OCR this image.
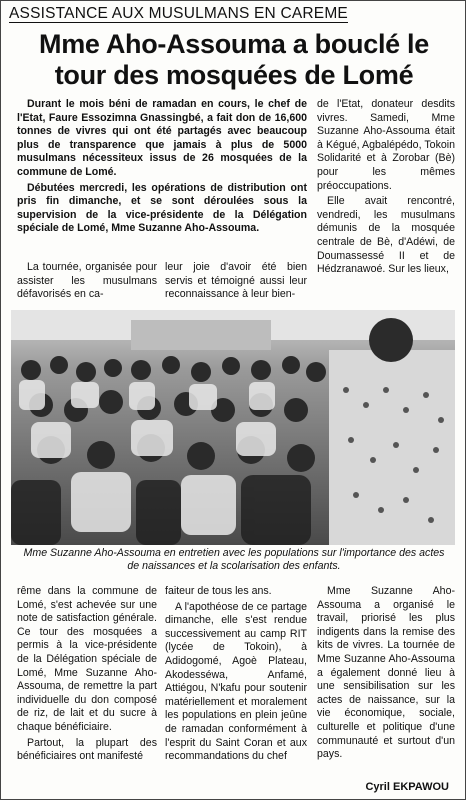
ASSISTANCE AUX MUSULMANS EN CAREME
Mme Aho-Assouma a bouclé le
tour des mosquées de Lomé

Durant le mois béni de ramadan en cours, le chef de l'Etat, Faure Essozimna Gnassingbé, a fait don de 16,600 tonnes de vivres qui ont été partagés avec beaucoup plus de transparence que jamais à plus de 5000 musulmans nécessiteux issus de 26 mosquées de la commune de Lomé.

Débutées mercredi, les opérations de distribution ont pris fin dimanche, et se sont déroulées sous la supervision de la vice-présidente de la Délégation spéciale de Lomé, Mme Suzanne Aho-Assouma.

de l'Etat, donateur desdits vivres. Samedi, Mme Suzanne Aho-Assouma était à Kégué, Agbalépédo, Tokoin Solidarité et à Zorobar (Bè) pour les mêmes préoccupations.

Elle avait rencontré, vendredi, les musulmans démunis de la mosquée centrale de Bè, d'Adéwi, de Doumassessé II et de Hédzranawoé. Sur les lieux,

La tournée, organisée pour assister les musulmans défavorisés en ca-

leur joie d'avoir été bien servis et témoigné aussi leur reconnaissance à leur bien-

Mme Suzanne Aho-Assouma en entretien avec les populations sur l'importance des actes de naissances et la scolarisation des enfants.

rême dans la commune de Lomé, s'est achevée sur une note de satisfaction générale. Ce tour des mosquées a permis à la vice-présidente de la Délégation spéciale de Lomé, Mme Suzanne Aho-Assouma, de remettre la part individuelle du don composé de riz, de lait et du sucre à chaque bénéficiaire.

Partout, la plupart des bénéficiaires ont manifesté

faiteur de tous les ans.

A l'apothéose de ce partage dimanche, elle s'est rendue successivement au camp RIT (lycée de Tokoin), à Adidogomé, Agoè Plateau, Akodesséwa, Anfamé, Attiégou, N'kafu pour soutenir matériellement et moralement les populations en plein jeûne de ramadan conformément à l'esprit du Saint Coran et aux recommandations du chef

Mme Suzanne Aho-Assouma a organisé le travail, priorisé les plus indigents dans la remise des kits de vivres. La tournée de Mme Suzanne Aho-Assouma a également donné lieu à une sensibilisation sur les actes de naissance, sur la vie économique, sociale, culturelle et politique d'une communauté et surtout d'un pays.

Cyril EKPAWOU
